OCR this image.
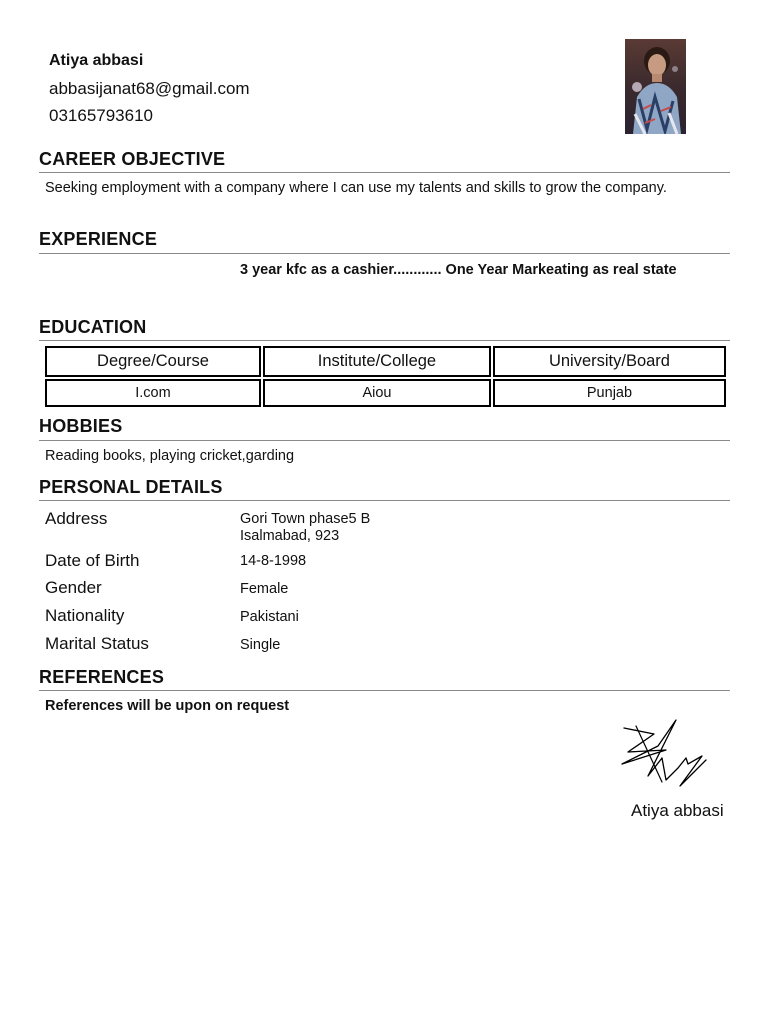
Atiya abbasi
abbasijanat68@gmail.com
03165793610
CAREER OBJECTIVE
Seeking employment with a company where I can use my talents and skills to grow the company.
EXPERIENCE
3 year kfc as a cashier............ One Year Markeating as real state
EDUCATION
Degree/Course	Institute/College	University/Board
I.com	Aiou	Punjab
HOBBIES
Reading books, playing cricket,garding
PERSONAL DETAILS
Address	Gori Town phase5 B
Isalmabad, 923
Date of Birth	14-8-1998
Gender	Female
Nationality	Pakistani
Marital Status	Single
REFERENCES
References will be upon on request
Atiya abbasi
